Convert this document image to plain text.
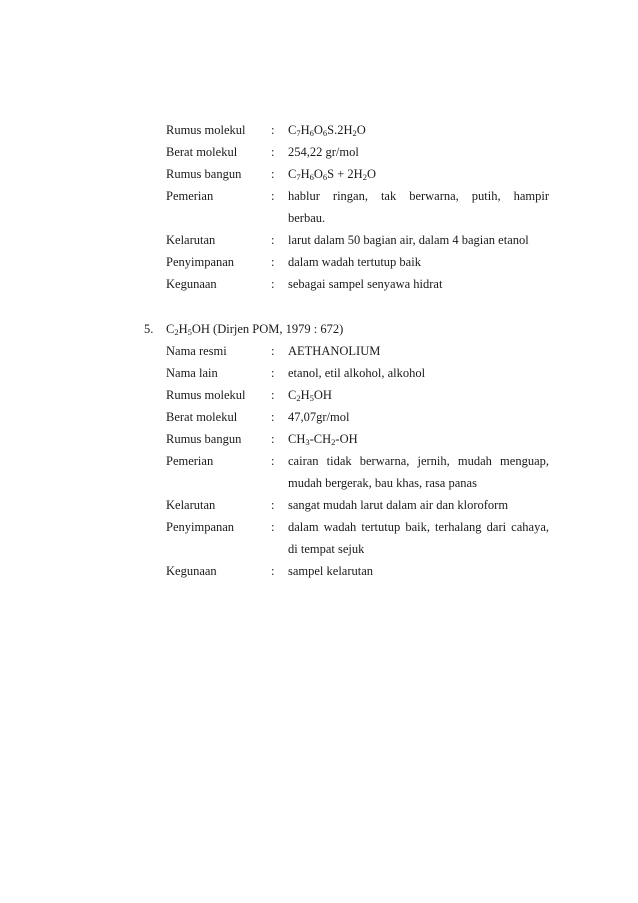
Rumus molekul : $C_7H_6O_6S.2H_2O$
Berat molekul	: 254,22 gr/mol
Rumus bangun : $C_7H_6O_6S + 2H_2O$
Pemerian	: hablur ringan, tak berwarna, putih, hampir
berbau.
Kelarutan	: larut dalam 50 bagian air, dalam 4 bagian etanol
Penyimpanan	: dalam wadah tertutup baik
Kegunaan	: sebagai sampel senyawa hidrat
5. $C_2H_5OH$ (Dirjen POM, 1979 : 672)
Nama resmi	: AETHANOLIUM
Nama lain	: etanol, etil alkohol, alkohol
Rumus molekul : $C_2H_5OH$
Berat molekul	: 47,07gr/mol
Rumus bangun : $CH_3-CH_2-OH$
Pemerian	: cairan tidak berwarna, jernih, mudah menguap,
mudah bergerak, bau khas, rasa panas
Kelarutan	: sangat mudah larut dalam air dan kloroform
Penyimpanan	: dalam wadah tertutup baik, terhalang dari cahaya,
di tempat sejuk
Kegunaan	: sampel kelarutan
